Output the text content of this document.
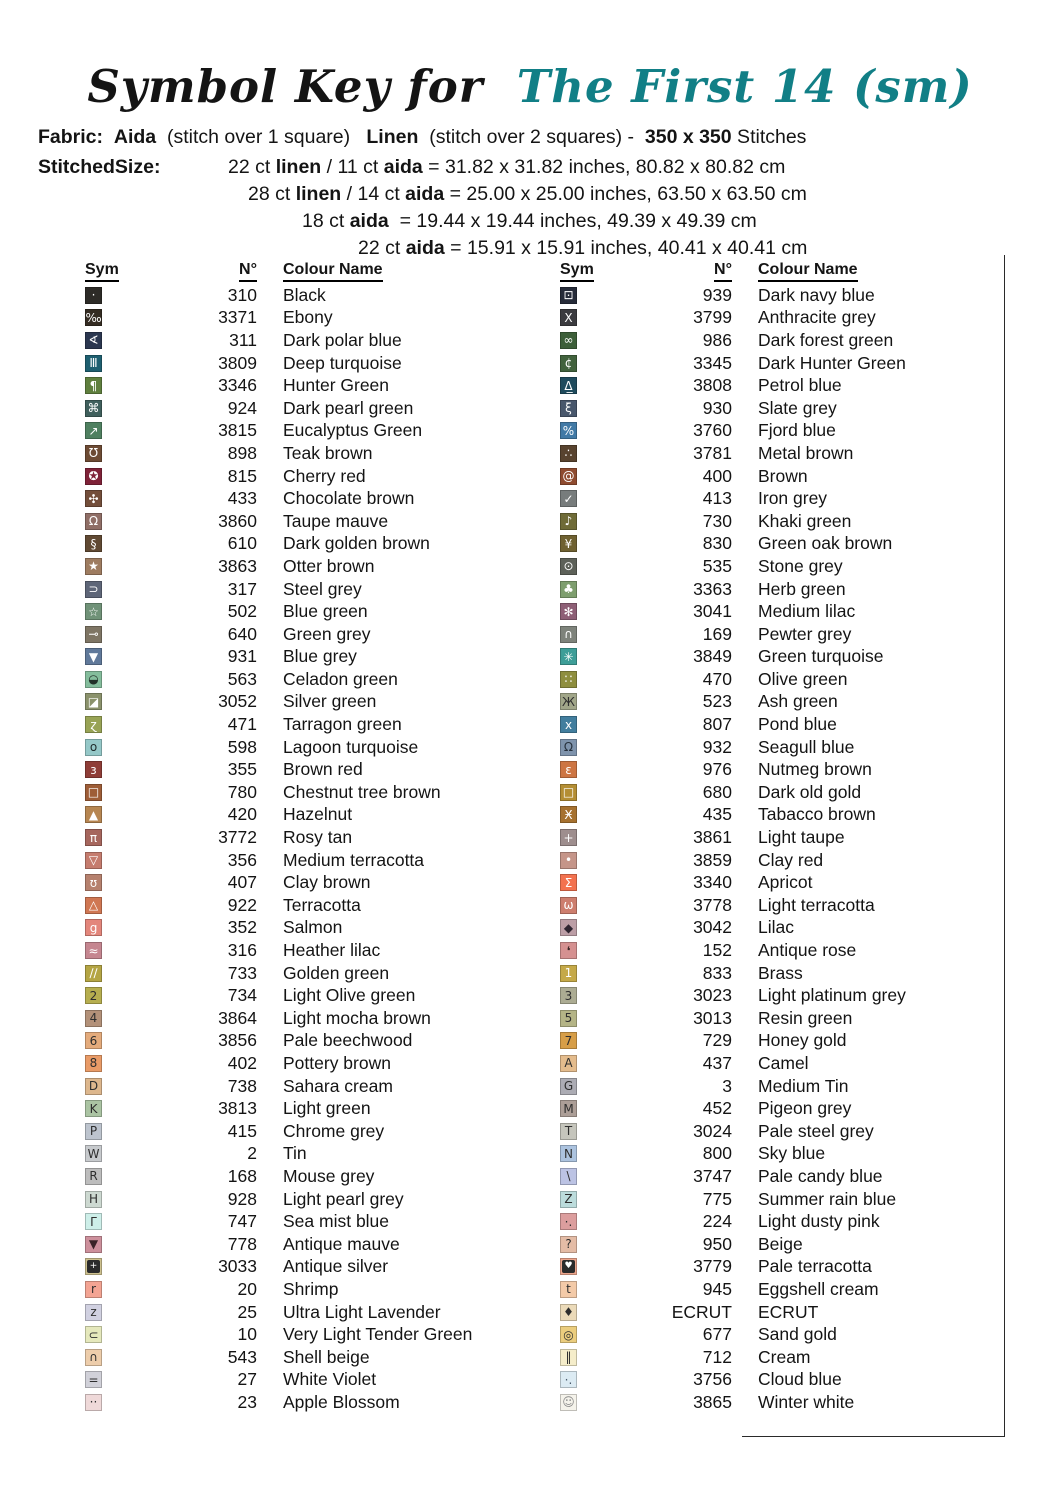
Symbol Key for  The First 14 (sm)
Fabric: Aida  (stitch over 1 square)   Linen  (stitch over 2 squares) -  350 x 350 Stitches
StitchedSize:	22 ct linen / 11 ct aida = 31.82 x 31.82 inches, 80.82 x 80.82 cm
28 ct linen / 14 ct aida = 25.00 x 25.00 inches, 63.50 x 63.50 cm
18 ct aida  = 19.44 x 19.44 inches, 49.39 x 49.39 cm
22 ct aida = 15.91 x 15.91 inches, 40.41 x 40.41 cm
Sym	N° Colour Name
·	310 Black
‰	3371 Ebony
∢	311 Dark polar blue
Ⅲ	3809 Deep turquoise
¶	3346 Hunter Green
⌘	924 Dark pearl green
↗	3815 Eucalyptus Green
Ʊ	898 Teak brown
✪	815 Cherry red
✣	433 Chocolate brown
Ω	3860 Taupe mauve
§	610 Dark golden brown
★	3863 Otter brown
⊃	317 Steel grey
☆	502 Blue green
⊸	640 Green grey
▼	931 Blue grey
◒	563 Celadon green
◪	3052 Silver green
ɀ	471 Tarragon green
o	598 Lagoon turquoise
ɜ	355 Brown red
□	780 Chestnut tree brown
▲	420 Hazelnut
π	3772 Rosy tan
▽	356 Medium terracotta
ʊ	407 Clay brown
△	922 Terracotta
g	352 Salmon
≈	316 Heather lilac
∕∕	733 Golden green
2	734 Light Olive green
4	3864 Light mocha brown
6	3856 Pale beechwood
8	402 Pottery brown
D	738 Sahara cream
K	3813 Light green
P	415 Chrome grey
W	2 Tin
R	168 Mouse grey
H	928 Light pearl grey
Γ	747 Sea mist blue
▼	778 Antique mauve
+	3033 Antique silver
r	20 Shrimp
z	25 Ultra Light Lavender
⊂	10 Very Light Tender Green
∩	543 Shell beige
=	27 White Violet
··	23 Apple Blossom
Sym	N° Colour Name
⊡	939 Dark navy blue
X	3799 Anthracite grey
∞	986 Dark forest green
¢	3345 Dark Hunter Green
Δ̲	3808 Petrol blue
ξ	930 Slate grey
%	3760 Fjord blue
∴	3781 Metal brown
@	400 Brown
✓	413 Iron grey
♪	730 Khaki green
¥	830 Green oak brown
⊙	535 Stone grey
♣	3363 Herb green
✻	3041 Medium lilac
∩	169 Pewter grey
✳	3849 Green turquoise
∷	470 Olive green
Ж	523 Ash green
x	807 Pond blue
Ω	932 Seagull blue
ɛ	976 Nutmeg brown
□	680 Dark old gold
Ӿ	435 Tabacco brown
+	3861 Light taupe
•	3859 Clay red
Σ	3340 Apricot
ω	3778 Light terracotta
◆	3042 Lilac
❛	152 Antique rose
1	833 Brass
3	3023 Light platinum grey
5	3013 Resin green
7	729 Honey gold
A	437 Camel
G	3 Medium Tin
M	452 Pigeon grey
T	3024 Pale steel grey
N	800 Sky blue
\	3747 Pale candy blue
Z	775 Summer rain blue
·.	224 Light dusty pink
?	950 Beige
♥	3779 Pale terracotta
t	945 Eggshell cream
♦	ECRUT ECRUT
◎	677 Sand gold
‖	712 Cream
·.	3756 Cloud blue
☺	3865 Winter white
